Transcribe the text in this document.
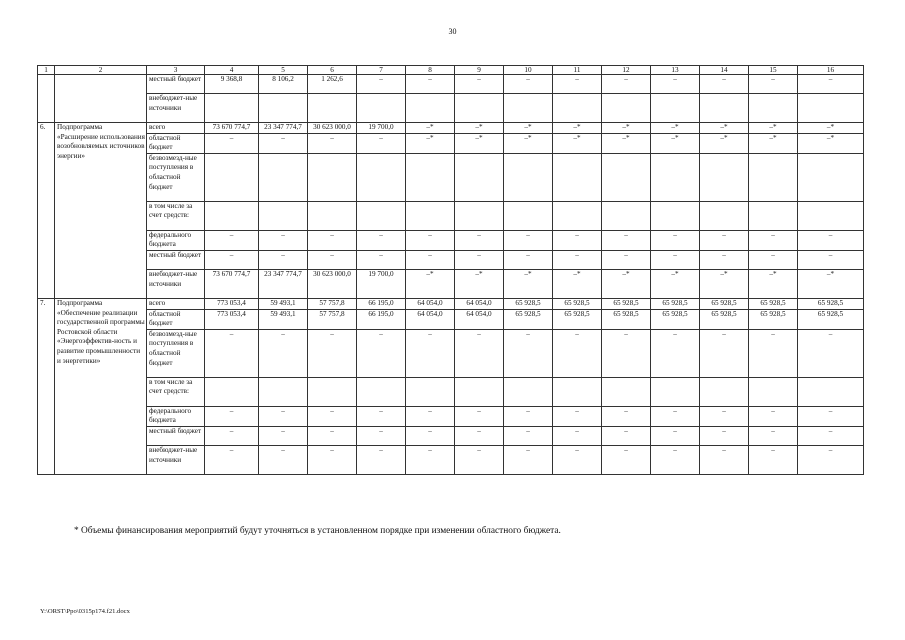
30
1	2	3	4	5	6	7	8	9	10	11	12	13	14	15	16
		местный бюджет	9 368,8	8 106,2	1 262,6	–	–	–	–	–	–	–	–	–	–
		внебюджет-ные источники													
6.	Подпрограмма «Расширение использования возобновляемых источников энергии»	всего	73 670 774,7	23 347 774,7	30 623 000,0	19 700,0	–*	–*	–*	–*	–*	–*	–*	–*	–*
		областной бюджет	–	–	–	–	–*	–*	–*	–*	–*	–*	–*	–*	–*
		безвозмезд-ные поступления в областной бюджет													
		в том числе за счет средств:													
		федерального бюджета	–	–	–	–	–	–	–	–	–	–	–	–	–
		местный бюджет	–	–	–	–	–	–	–	–	–	–	–	–	–
		внебюджет-ные источники	73 670 774,7	23 347 774,7	30 623 000,0	19 700,0	–*	–*	–*	–*	–*	–*	–*	–*	–*
7.	Подпрограмма «Обеспечение реализации государственной программы Ростовской области «Энергоэффектив-ность и развитие промышленности и энергетики»	всего	773 053,4	59 493,1	57 757,8	66 195,0	64 054,0	64 054,0	65 928,5	65 928,5	65 928,5	65 928,5	65 928,5	65 928,5	65 928,5
		областной бюджет	773 053,4	59 493,1	57 757,8	66 195,0	64 054,0	64 054,0	65 928,5	65 928,5	65 928,5	65 928,5	65 928,5	65 928,5	65 928,5
		безвозмезд-ные поступления в областной бюджет	–	–	–	–	–	–	–	–	–	–	–	–	–
		в том числе за счет средств:													
		федерального бюджета	–	–	–	–	–	–	–	–	–	–	–	–	–
		местный бюджет	–	–	–	–	–	–	–	–	–	–	–	–	–
		внебюджет-ные источники	–	–	–	–	–	–	–	–	–	–	–	–	–
* Объемы финансирования мероприятий будут уточняться в установленном порядке при изменении областного бюджета.
Y:\ORST\Ppo\0315p174.f21.docx
